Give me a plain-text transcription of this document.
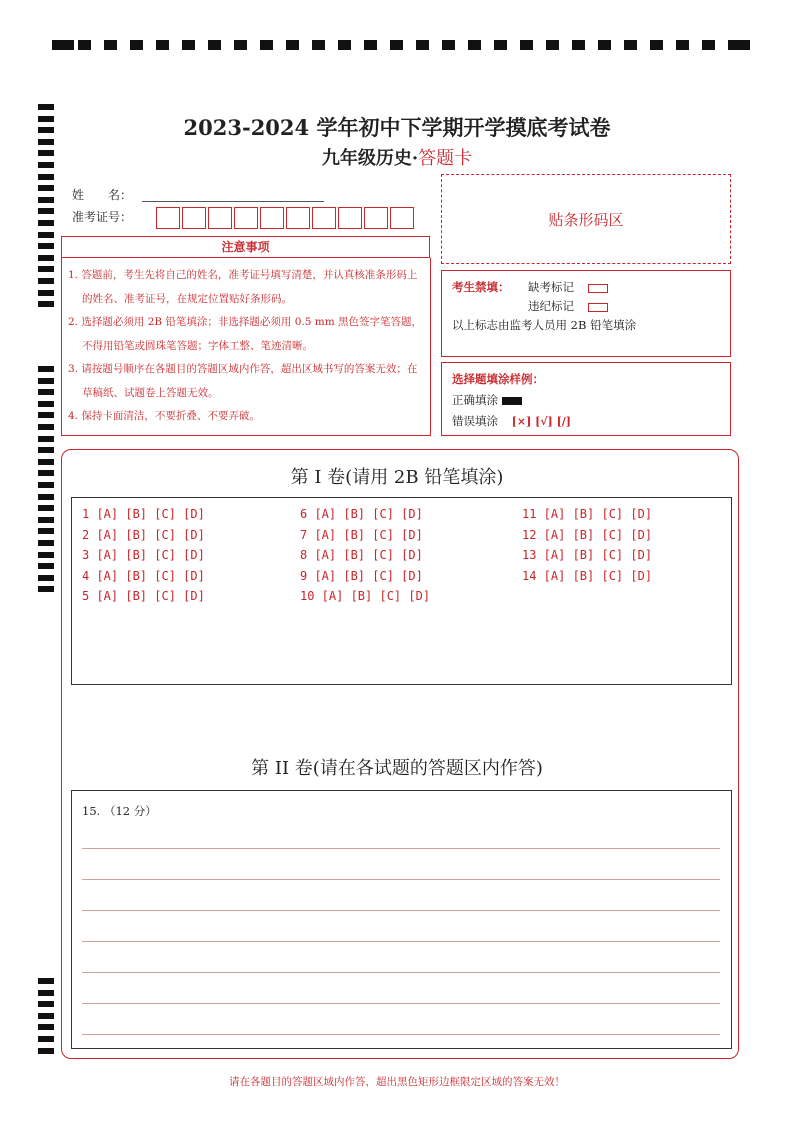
2023-2024 学年初中下学期开学摸底考试卷
九年级历史·答题卡
姓　　名：
准考证号：	贴条形码区
注意事项
1. 答题前，考生先将自己的姓名，准考证号填写清楚，并认真核准条形码上的姓名、准考证号，在规定位置贴好条形码。
2. 选择题必须用 2B 铅笔填涂；非选择题必须用 0.5 mm 黑色签字笔答题，不得用铅笔或圆珠笔答题；字体工整、笔迹清晰。
3. 请按题号顺序在各题目的答题区域内作答，超出区域书写的答案无效；在草稿纸、试题卷上答题无效。
4. 保持卡面清洁，不要折叠、不要弄破。
考生禁填： 缺考标记
违纪标记
以上标志由监考人员用 2B 铅笔填涂
选择题填涂样例：
正确填涂
错误填涂 [×] [√] [/]
第 I 卷(请用 2B 铅笔填涂)
1 [A] [B] [C] [D]
2 [A] [B] [C] [D]
3 [A] [B] [C] [D]
4 [A] [B] [C] [D]
5 [A] [B] [C] [D]
6 [A] [B] [C] [D]
7 [A] [B] [C] [D]
8 [A] [B] [C] [D]
9 [A] [B] [C] [D]
10 [A] [B] [C] [D]
11 [A] [B] [C] [D]
12 [A] [B] [C] [D]
13 [A] [B] [C] [D]
14 [A] [B] [C] [D]
第 II 卷(请在各试题的答题区内作答)
15. （12 分）
请在各题目的答题区域内作答，超出黑色矩形边框限定区域的答案无效！
